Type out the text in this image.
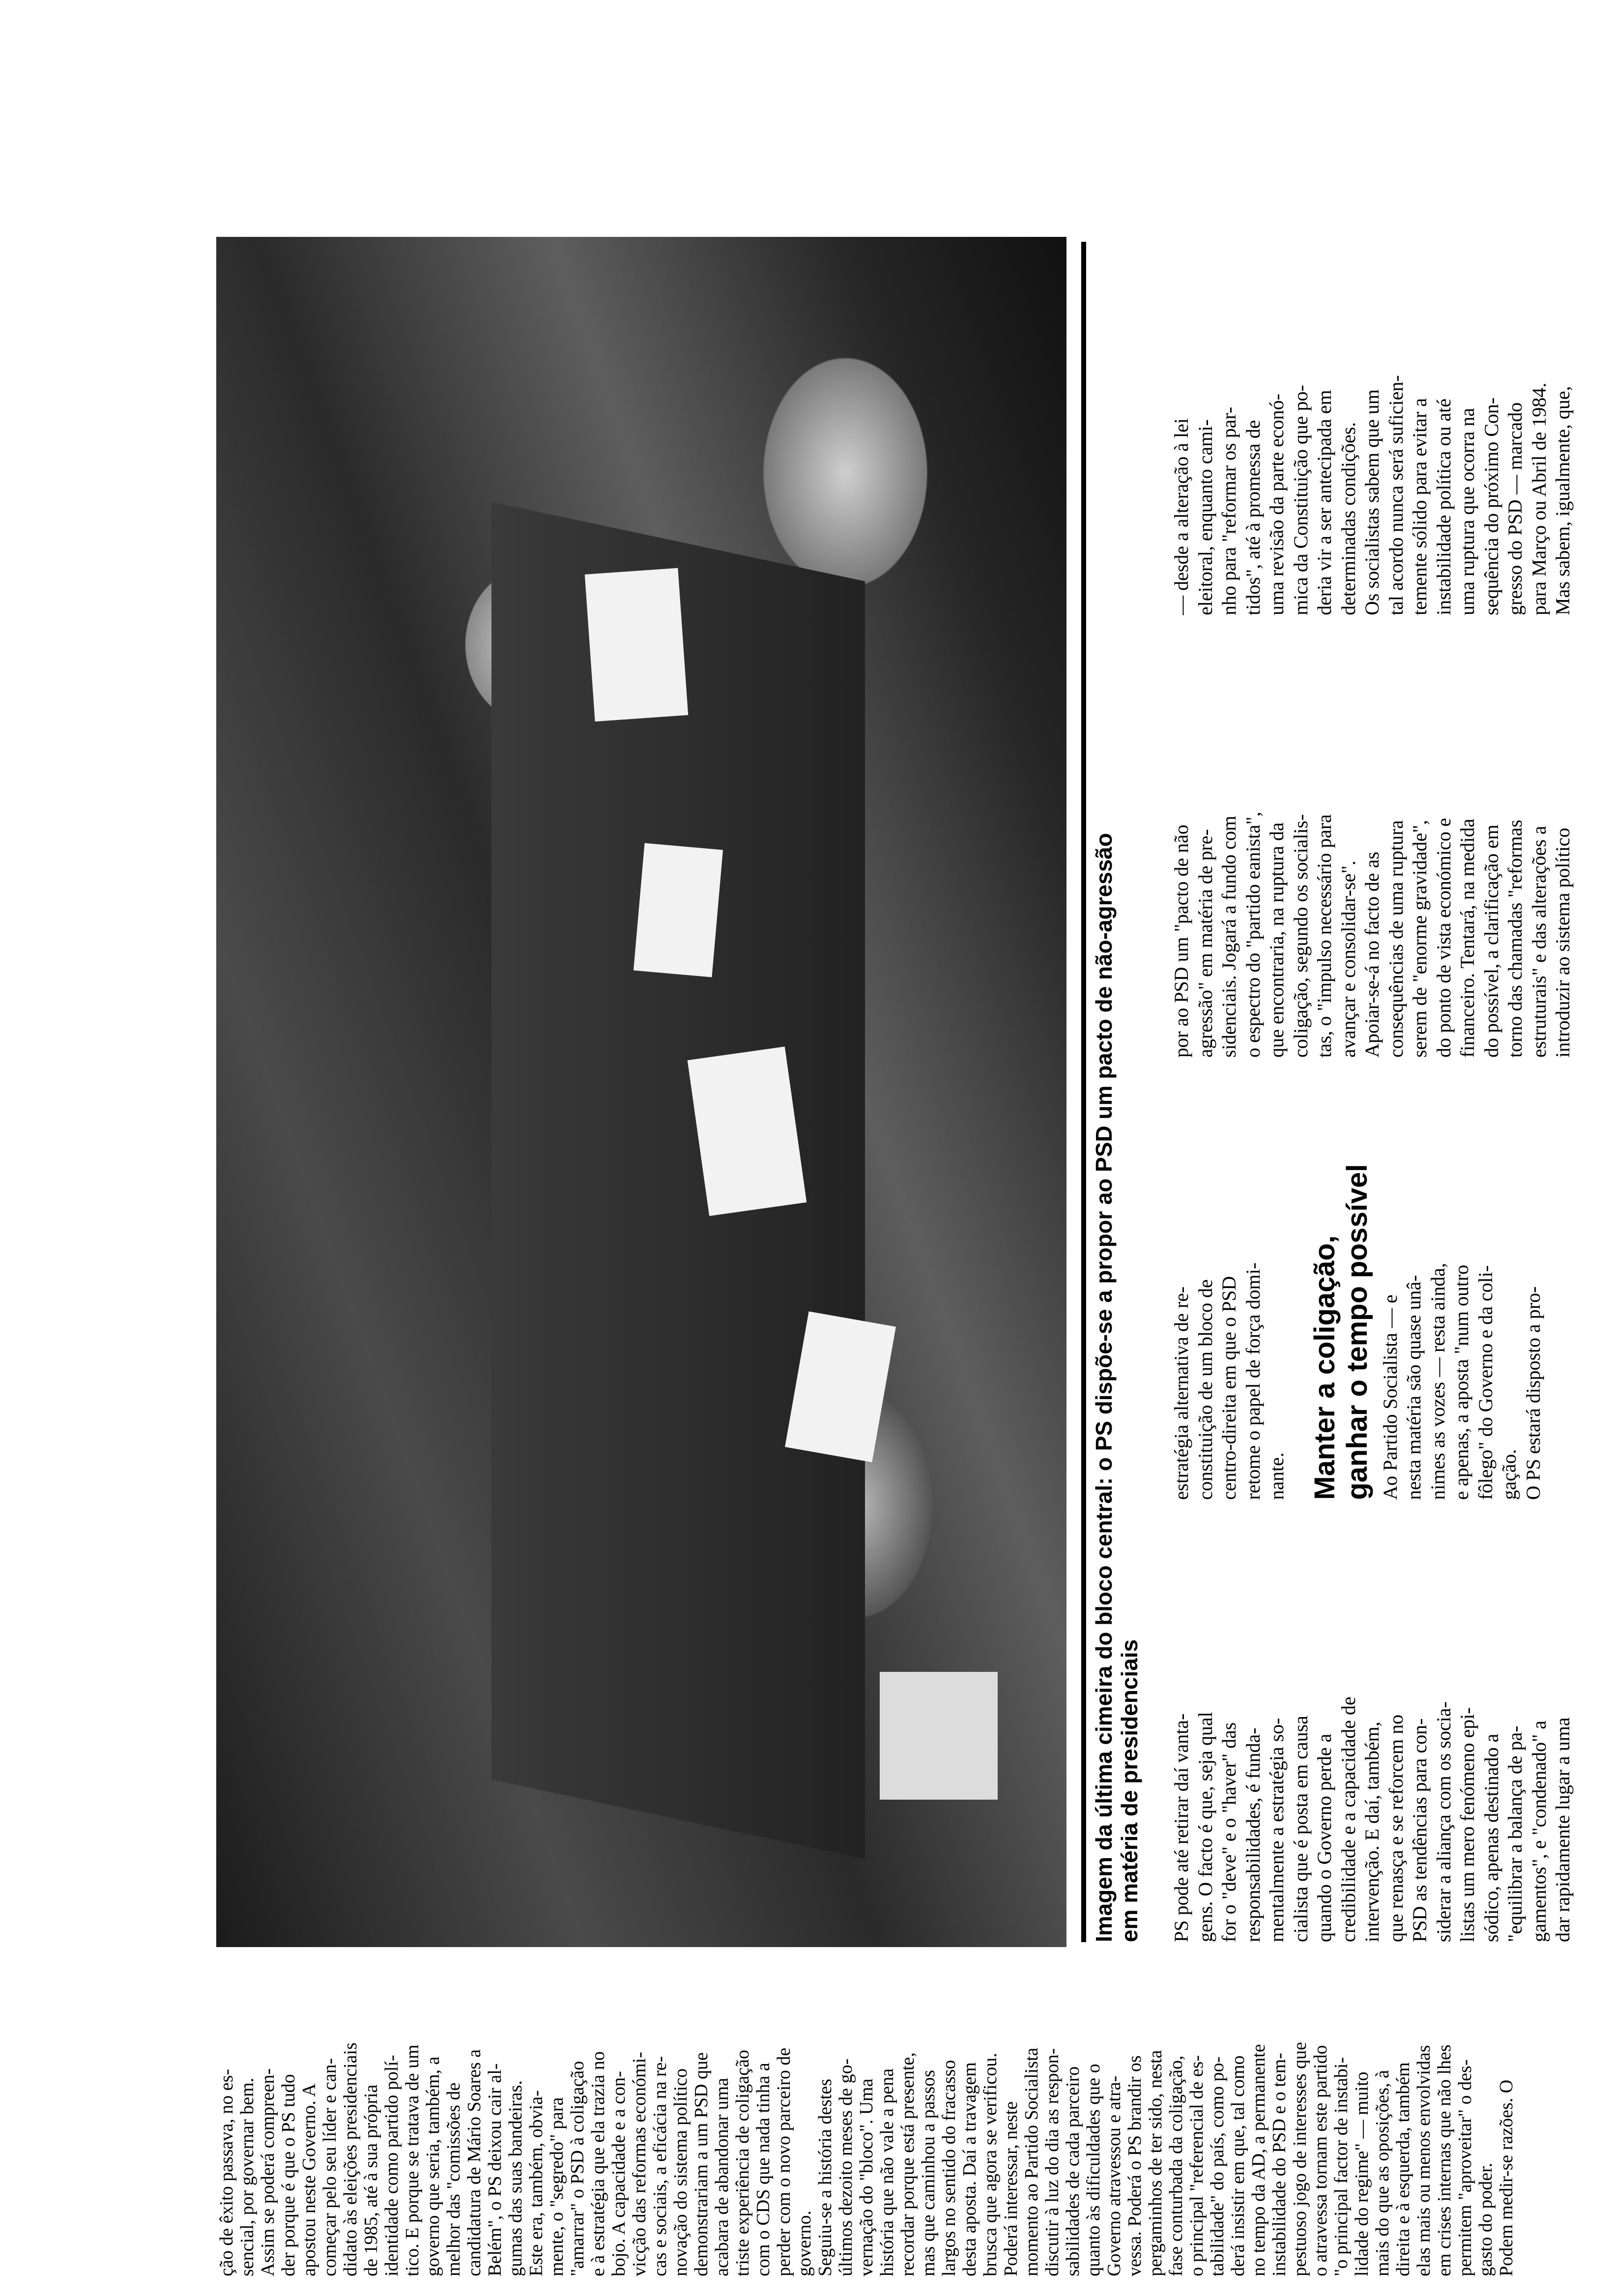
Imagem da última cimeira do bloco central: o PS dispõe-se a propor ao PSD um pacto de não-agressão em matéria de presidenciais
ção de êxito passava, no es- sencial, por governar bem. Assim se poderá compreen- der porque é que o PS tudo apostou neste Governo. A começar pelo seu líder e can- didato às eleições presidenciais de 1985, até à sua própria identidade como partido polí- tico. E porque se tratava de um governo que seria, também, a melhor das "comissões de candidatura de Mário Soares a Belém", o PS deixou cair al- gumas das suas bandeiras. Este era, também, obvia- mente, o "segredo" para "amarrar" o PSD à coligação e à estratégia que ela trazia no bojo. A capacidade e a con- vicção das reformas económi- cas e sociais, a eficácia na re- novação do sistema político demonstrariam a um PSD que acabara de abandonar uma triste experiência de coligação com o CDS que nada tinha a perder com o novo parceiro de governo. Seguiu-se a história destes últimos dezoito meses de go- vernação do "bloco". Uma história que não vale a pena recordar porque está presente, mas que caminhou a passos largos no sentido do fracasso desta aposta. Daí a travagem brusca que agora se verificou. Poderá interessar, neste momento ao Partido Socialista discutir à luz do dia as respon- sabilidades de cada parceiro quanto às dificuldades que o Governo atravessou e atra- vessa. Poderá o PS brandir os pergaminhos de ter sido, nesta fase conturbada da coligação, o principal "referencial de es- tabilidade" do país, como po- derá insistir em que, tal como no tempo da AD, a permanente instabilidade do PSD e o tem- pestuoso jogo de interesses que o atravessa tornam este partido "o principal factor de instabi- lidade do regime" — muito mais do que as oposições, à direita e à esquerda, também elas mais ou menos envolvidas em crises internas que não lhes permitem "aproveitar" o des- gasto do poder. Podem medir-se razões. O
PS pode até retirar daí vanta- gens. O facto é que, seja qual for o "deve" e o "haver" das responsabilidades, é funda- mentalmente a estratégia so- cialista que é posta em causa quando o Governo perde a credibilidade e a capacidade de intervenção. E daí, também, que renasça e se reforcem no PSD as tendências para con- siderar a aliança com os socia- listas um mero fenómeno epi- sódico, apenas destinado a "equilibrar a balança de pa- gamentos", e "condenado" a dar rapidamente lugar a uma
estratégia alternativa de re- constituição de um bloco de centro-direita em que o PSD retome o papel de força domi- nante. Manter a coligação, ganhar o tempo possível Ao Partido Socialista — e nesta matéria são quase unâ- nimes as vozes — resta ainda, e apenas, a aposta "num outro fôlego" do Governo e da coli- gação. O PS estará disposto a pro-
por ao PSD um "pacto de não agressão" em matéria de pre- sidenciais. Jogará a fundo com o espectro do "partido eanista", que encontraria, na ruptura da coligação, segundo os socialis- tas, o "impulso necessário para avançar e consolidar-se". Apoiar-se-á no facto de as consequências de uma ruptura serem de "enorme gravidade", do ponto de vista económico e financeiro. Tentará, na medida do possível, a clarificação em torno das chamadas "reformas estruturais" e das alterações a introduzir ao sistema político
— desde a alteração à lei eleitoral, enquanto cami- nho para "reformar os par- tidos", até à promessa de uma revisão da parte econó- mica da Constituição que po- deria vir a ser antecipada em determinadas condições. Os socialistas sabem que um tal acordo nunca será suficien- temente sólido para evitar a instabilidade política ou até uma ruptura que ocorra na sequência do próximo Con- gresso do PSD — marcado para Março ou Abril de 1984. Mas sabem, igualmente, que,
